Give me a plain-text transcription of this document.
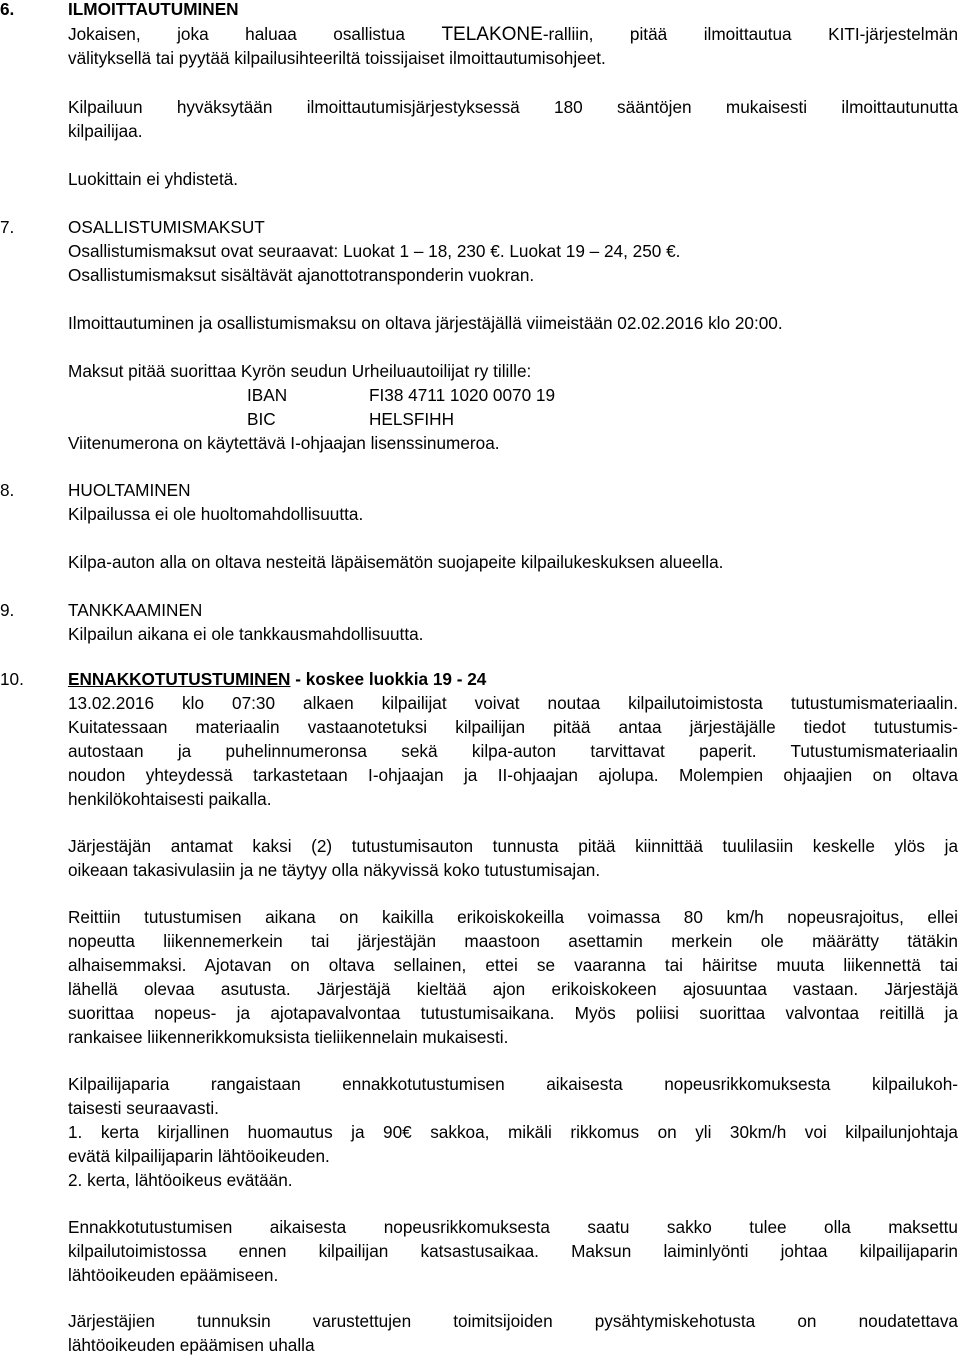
6.	ILMOITTAUTUMINEN
Jokaisen, joka haluaa osallistua TELAKONE-ralliin, pitää ilmoittautua KITI-järjestelmän
välityksellä tai pyytää kilpailusihteeriltä toissijaiset ilmoittautumisohjeet.
Kilpailuun hyväksytään ilmoittautumisjärjestyksessä 180 sääntöjen mukaisesti ilmoittautunutta
kilpailijaa.
Luokittain ei yhdistetä.
7.	OSALLISTUMISMAKSUT
Osallistumismaksut ovat seuraavat: Luokat 1 – 18, 230 €. Luokat 19 – 24, 250 €.
Osallistumismaksut sisältävät ajanottotransponderin vuokran.
Ilmoittautuminen ja osallistumismaksu on oltava järjestäjällä viimeistään 02.02.2016 klo 20:00.
Maksut pitää suorittaa Kyrön seudun Urheiluautoilijat ry tilille:
IBAN	FI38 4711 1020 0070 19
BIC	HELSFIHH
Viitenumerona on käytettävä I-ohjaajan lisenssinumeroa.
8.	HUOLTAMINEN
Kilpailussa ei ole huoltomahdollisuutta.
Kilpa-auton alla on oltava nesteitä läpäisemätön suojapeite kilpailukeskuksen alueella.
9.	TANKKAAMINEN
Kilpailun aikana ei ole tankkausmahdollisuutta.
10.	ENNAKKOTUTUSTUMINEN - koskee luokkia 19 - 24
13.02.2016 klo 07:30 alkaen kilpailijat voivat noutaa kilpailutoimistosta tutustumismateriaalin.
Kuitatessaan materiaalin vastaanotetuksi kilpailijan pitää antaa järjestäjälle tiedot tutustumis-
autostaan ja puhelinnumeronsa sekä kilpa-auton tarvittavat paperit. Tutustumismateriaalin
noudon yhteydessä tarkastetaan I-ohjaajan ja II-ohjaajan ajolupa. Molempien ohjaajien on oltava
henkilökohtaisesti paikalla.
Järjestäjän antamat kaksi (2) tutustumisauton tunnusta pitää kiinnittää tuulilasiin keskelle ylös ja
oikeaan takasivulasiin ja ne täytyy olla näkyvissä koko tutustumisajan.
Reittiin tutustumisen aikana on kaikilla erikoiskokeilla voimassa 80 km/h nopeusrajoitus, ellei
nopeutta liikennemerkein tai järjestäjän maastoon asettamin merkein ole määrätty tätäkin
alhaisemmaksi. Ajotavan on oltava sellainen, ettei se vaaranna tai häiritse muuta liikennettä tai
lähellä olevaa asutusta. Järjestäjä kieltää ajon erikoiskokeen ajosuuntaa vastaan. Järjestäjä
suorittaa nopeus- ja ajotapavalvontaa tutustumisaikana. Myös poliisi suorittaa valvontaa reitillä ja
rankaisee liikennerikkomuksista tieliikennelain mukaisesti.
Kilpailijaparia rangaistaan ennakkotutustumisen aikaisesta nopeusrikkomuksesta kilpailukoh-
taisesti seuraavasti.
1. kerta kirjallinen huomautus ja 90€ sakkoa, mikäli rikkomus on yli 30km/h voi kilpailunjohtaja
evätä kilpailijaparin lähtöoikeuden.
2. kerta, lähtöoikeus evätään.
Ennakkotutustumisen aikaisesta nopeusrikkomuksesta saatu sakko tulee olla maksettu
kilpailutoimistossa ennen kilpailijan katsastusaikaa. Maksun laiminlyönti johtaa kilpailijaparin
lähtöoikeuden epäämiseen.
Järjestäjien tunnuksin varustettujen toimitsijoiden pysähtymiskehotusta on noudatettava
lähtöoikeuden epäämisen uhalla
